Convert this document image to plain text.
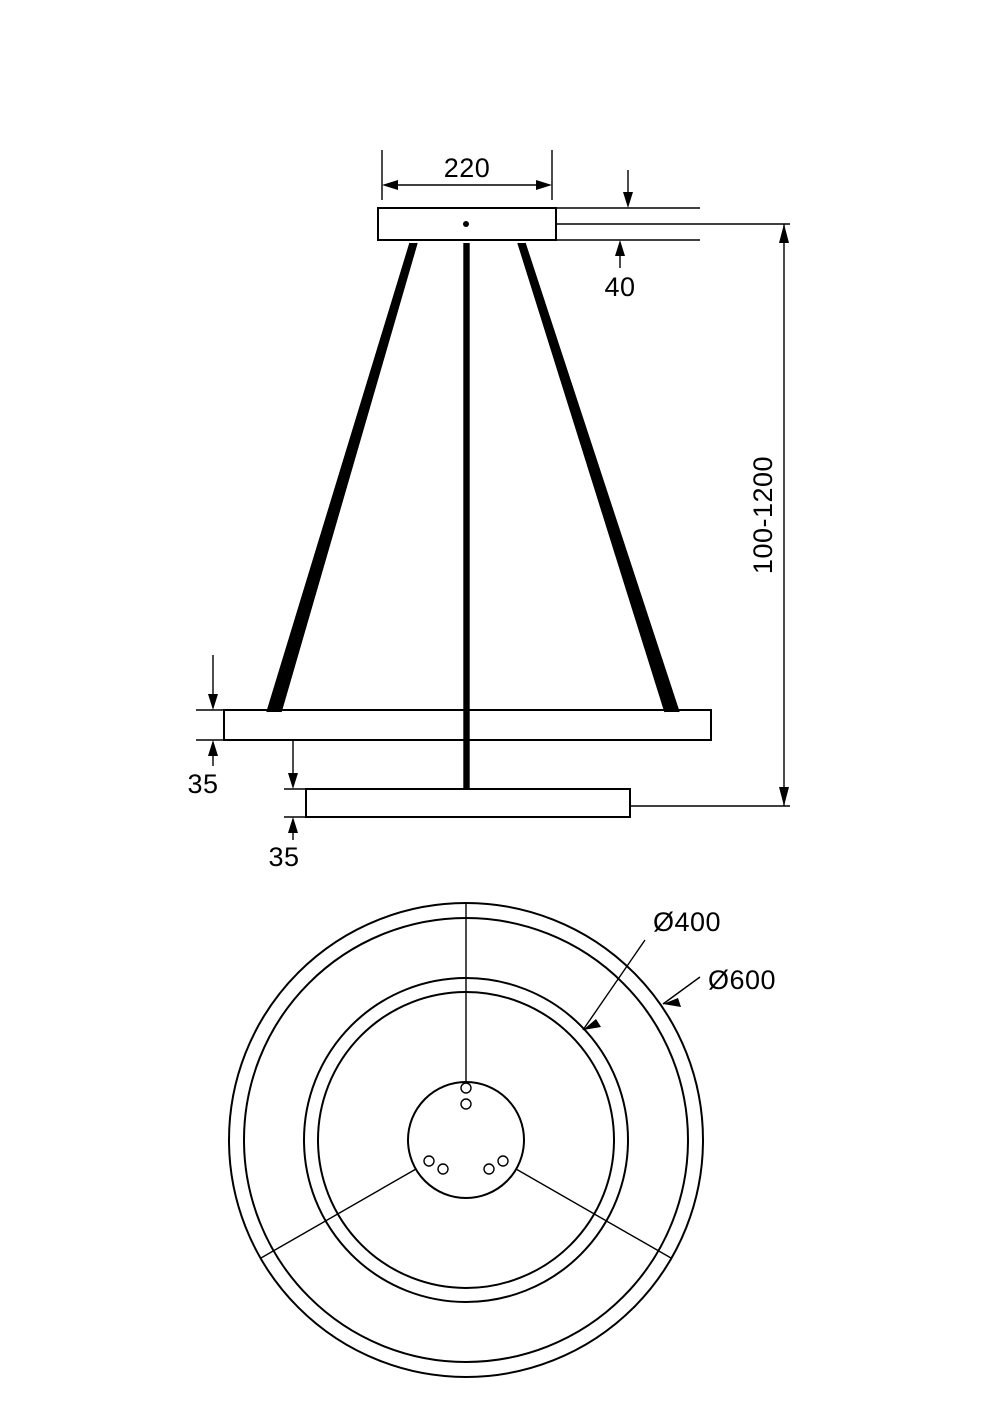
220
40
100-1200
35
35
Ø400
Ø600
